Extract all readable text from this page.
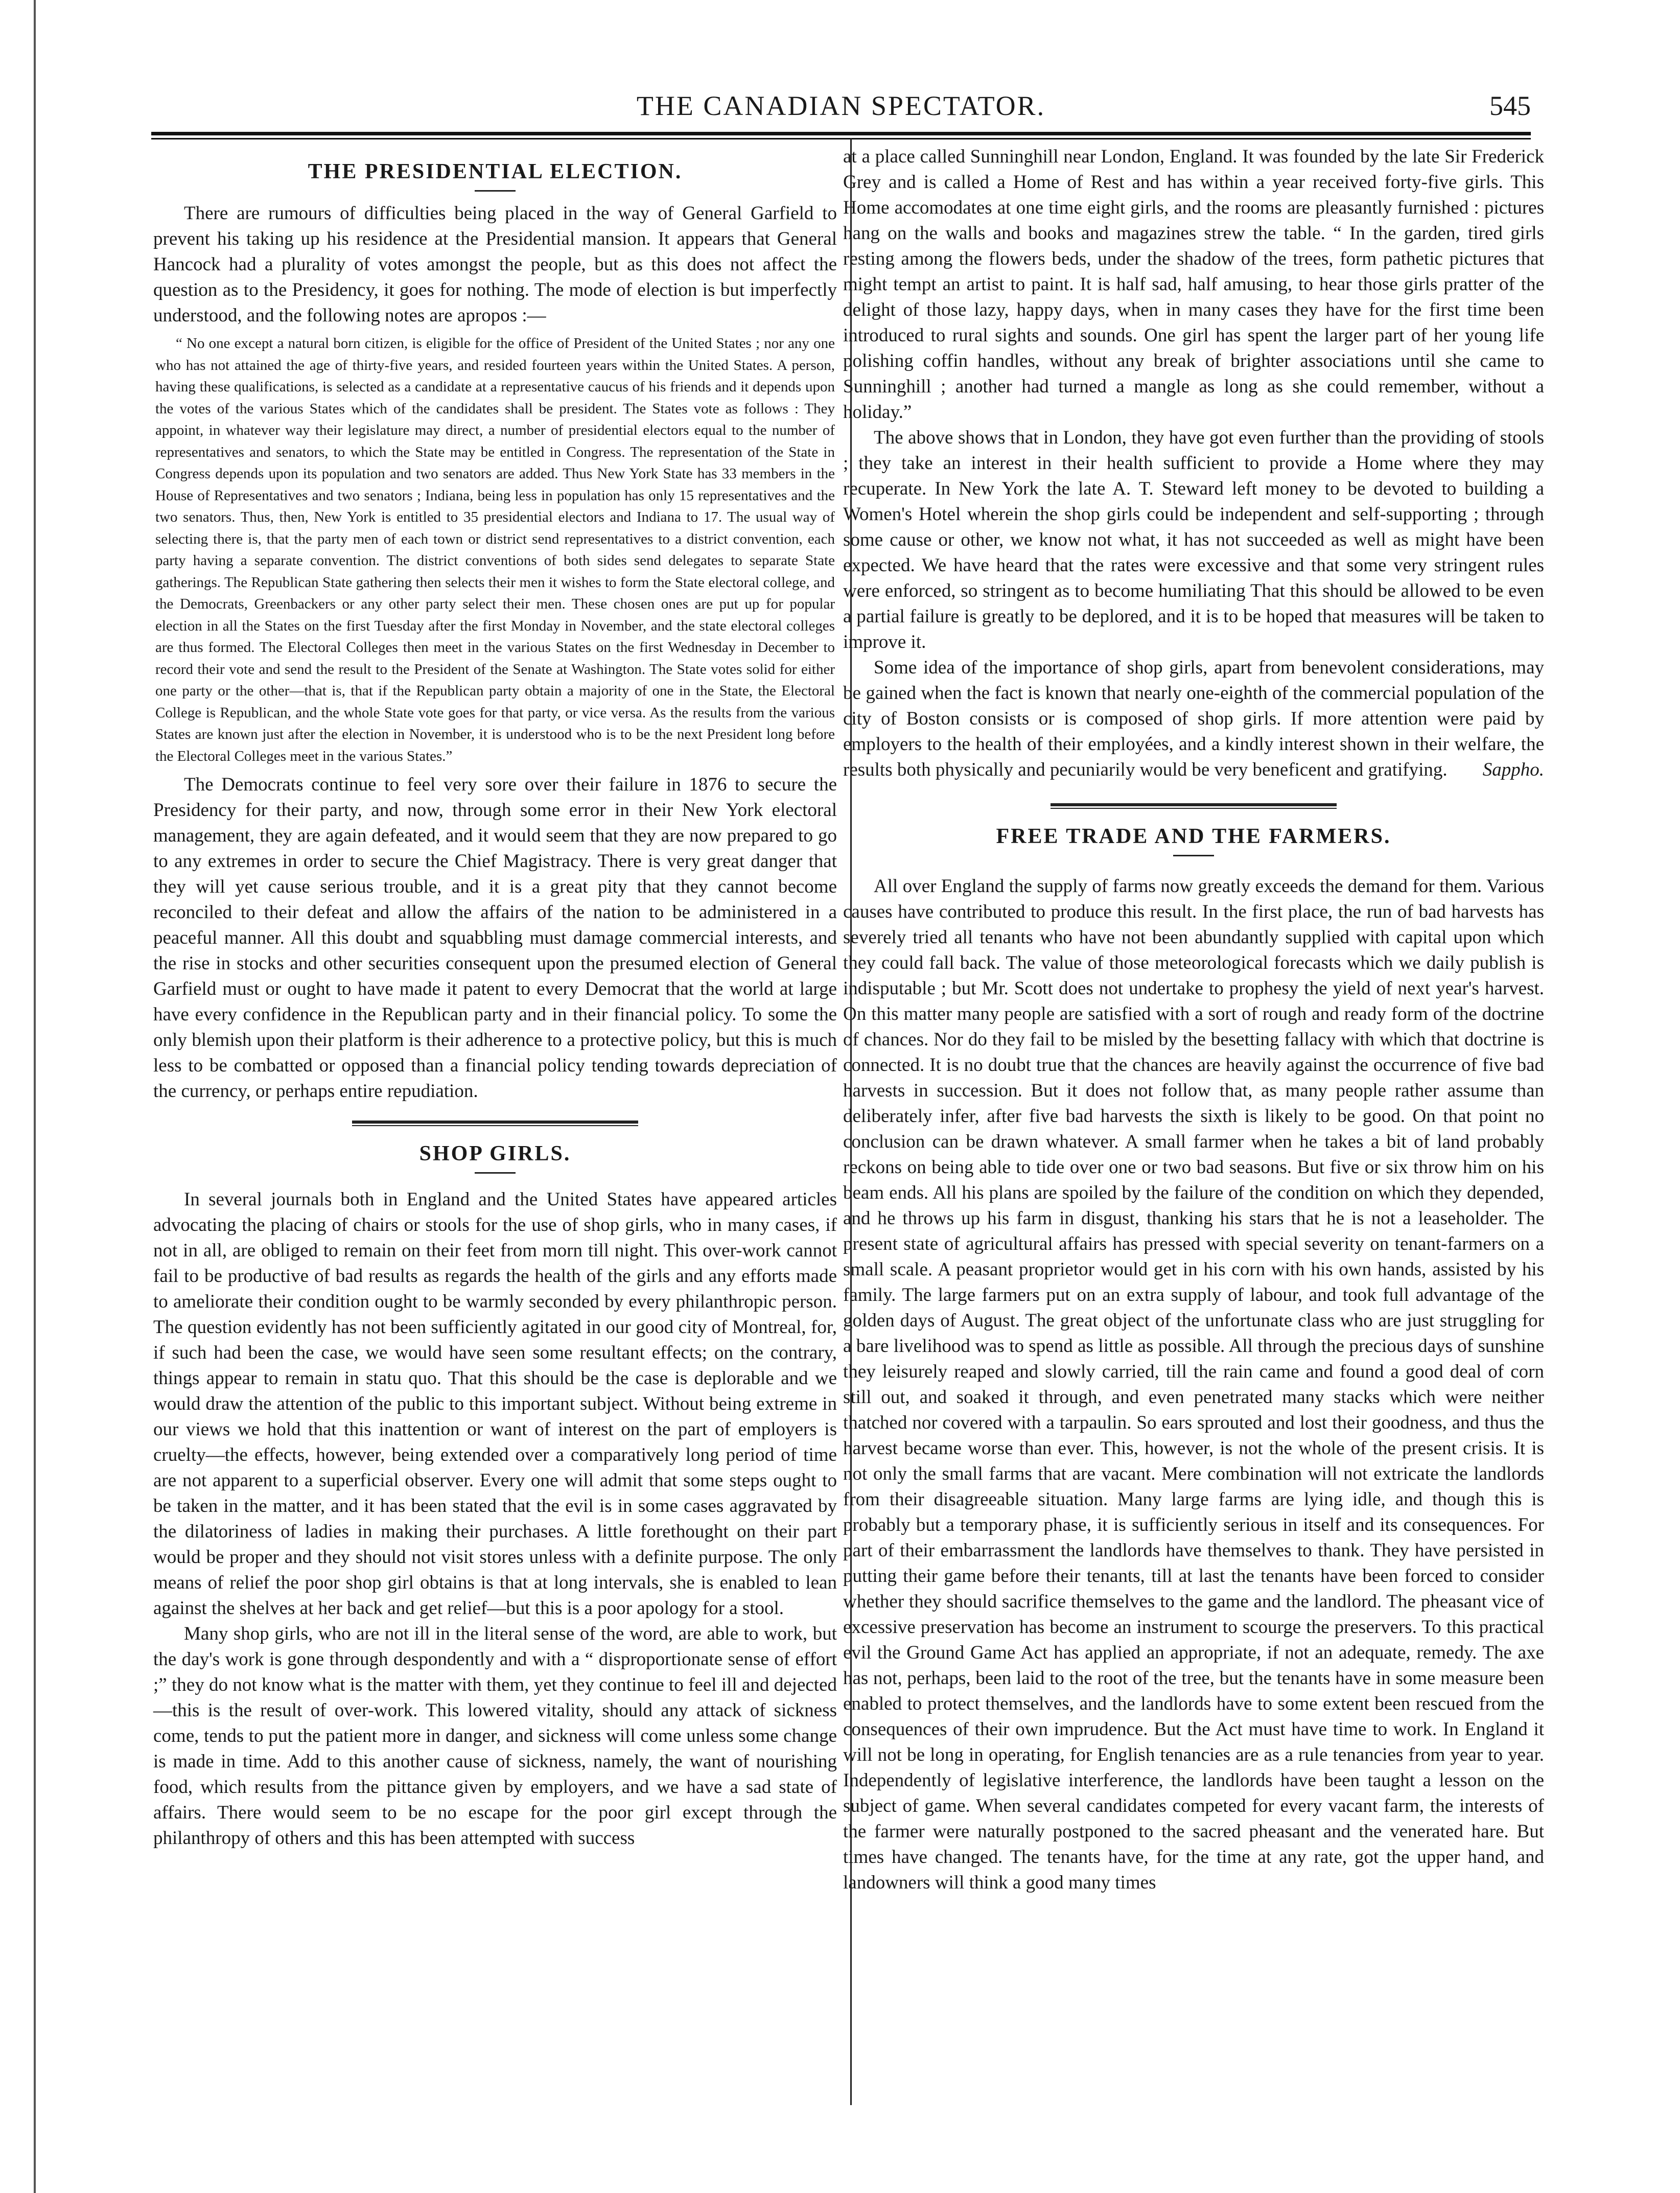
THE CANADIAN SPECTATOR.	545
THE PRESIDENTIAL ELECTION.

There are rumours of difficulties being placed in the way of General Garfield to prevent his taking up his residence at the Presidential mansion. It appears that General Hancock had a plurality of votes amongst the people, but as this does not affect the question as to the Presidency, it goes for nothing. The mode of election is but imperfectly understood, and the following notes are apropos :—

“ No one except a natural born citizen, is eligible for the office of President of the United States ; nor any one who has not attained the age of thirty-five years, and resided fourteen years within the United States. A person, having these qualifications, is selected as a candidate at a representative caucus of his friends and it depends upon the votes of the various States which of the candidates shall be president. The States vote as follows : They appoint, in whatever way their legislature may direct, a number of presidential electors equal to the number of representatives and senators, to which the State may be entitled in Congress. The representation of the State in Congress depends upon its population and two senators are added. Thus New York State has 33 members in the House of Representatives and two senators ; Indiana, being less in population has only 15 representatives and the two senators. Thus, then, New York is entitled to 35 presidential electors and Indiana to 17. The usual way of selecting there is, that the party men of each town or district send representatives to a district convention, each party having a separate convention. The district conventions of both sides send delegates to separate State gatherings. The Republican State gathering then selects their men it wishes to form the State electoral college, and the Democrats, Greenbackers or any other party select their men. These chosen ones are put up for popular election in all the States on the first Tuesday after the first Monday in November, and the state electoral colleges are thus formed. The Electoral Colleges then meet in the various States on the first Wednesday in December to record their vote and send the result to the President of the Senate at Washington. The State votes solid for either one party or the other—that is, that if the Republican party obtain a majority of one in the State, the Electoral College is Republican, and the whole State vote goes for that party, or vice versa. As the results from the various States are known just after the election in November, it is understood who is to be the next President long before the Electoral Colleges meet in the various States.”

The Democrats continue to feel very sore over their failure in 1876 to secure the Presidency for their party, and now, through some error in their New York electoral management, they are again defeated, and it would seem that they are now prepared to go to any extremes in order to secure the Chief Magistracy. There is very great danger that they will yet cause serious trouble, and it is a great pity that they cannot become reconciled to their defeat and allow the affairs of the nation to be administered in a peaceful manner. All this doubt and squabbling must damage commercial interests, and the rise in stocks and other securities consequent upon the presumed election of General Garfield must or ought to have made it patent to every Democrat that the world at large have every confidence in the Republican party and in their financial policy. To some the only blemish upon their platform is their adherence to a protective policy, but this is much less to be combatted or opposed than a financial policy tending towards depreciation of the currency, or perhaps entire repudiation.

SHOP GIRLS.

In several journals both in England and the United States have appeared articles advocating the placing of chairs or stools for the use of shop girls, who in many cases, if not in all, are obliged to remain on their feet from morn till night. This over-work cannot fail to be productive of bad results as regards the health of the girls and any efforts made to ameliorate their condition ought to be warmly seconded by every philanthropic person. The question evidently has not been sufficiently agitated in our good city of Montreal, for, if such had been the case, we would have seen some resultant effects; on the contrary, things appear to remain in statu quo. That this should be the case is deplorable and we would draw the attention of the public to this important subject. Without being extreme in our views we hold that this inattention or want of interest on the part of employers is cruelty—the effects, however, being extended over a comparatively long period of time are not apparent to a superficial observer. Every one will admit that some steps ought to be taken in the matter, and it has been stated that the evil is in some cases aggravated by the dilatoriness of ladies in making their purchases. A little forethought on their part would be proper and they should not visit stores unless with a definite purpose. The only means of relief the poor shop girl obtains is that at long intervals, she is enabled to lean against the shelves at her back and get relief—but this is a poor apology for a stool.

Many shop girls, who are not ill in the literal sense of the word, are able to work, but the day's work is gone through despondently and with a “ disproportionate sense of effort ;” they do not know what is the matter with them, yet they continue to feel ill and dejected—this is the result of over-work. This lowered vitality, should any attack of sickness come, tends to put the patient more in danger, and sickness will come unless some change is made in time. Add to this another cause of sickness, namely, the want of nourishing food, which results from the pittance given by employers, and we have a sad state of affairs. There would seem to be no escape for the poor girl except through the philanthropy of others and this has been attempted with success

at a place called Sunninghill near London, England. It was founded by the late Sir Frederick Grey and is called a Home of Rest and has within a year received forty-five girls. This Home accomodates at one time eight girls, and the rooms are pleasantly furnished : pictures hang on the walls and books and magazines strew the table. “ In the garden, tired girls resting among the flowers beds, under the shadow of the trees, form pathetic pictures that might tempt an artist to paint. It is half sad, half amusing, to hear those girls pratter of the delight of those lazy, happy days, when in many cases they have for the first time been introduced to rural sights and sounds. One girl has spent the larger part of her young life polishing coffin handles, without any break of brighter associations until she came to Sunninghill ; another had turned a mangle as long as she could remember, without a holiday.”

The above shows that in London, they have got even further than the providing of stools ; they take an interest in their health sufficient to provide a Home where they may recuperate. In New York the late A. T. Steward left money to be devoted to building a Women's Hotel wherein the shop girls could be independent and self-supporting ; through some cause or other, we know not what, it has not succeeded as well as might have been expected. We have heard that the rates were excessive and that some very stringent rules were enforced, so stringent as to become humiliating That this should be allowed to be even a partial failure is greatly to be deplored, and it is to be hoped that measures will be taken to improve it.

Some idea of the importance of shop girls, apart from benevolent considerations, may be gained when the fact is known that nearly one-eighth of the commercial population of the city of Boston consists or is composed of shop girls. If more attention were paid by employers to the health of their employées, and a kindly interest shown in their welfare, the results both physically and pecuniarily would be very beneficent and gratifying.	Sappho.

FREE TRADE AND THE FARMERS.

All over England the supply of farms now greatly exceeds the demand for them. Various causes have contributed to produce this result. In the first place, the run of bad harvests has severely tried all tenants who have not been abundantly supplied with capital upon which they could fall back. The value of those meteorological forecasts which we daily publish is indisputable ; but Mr. Scott does not undertake to prophesy the yield of next year's harvest. On this matter many people are satisfied with a sort of rough and ready form of the doctrine of chances. Nor do they fail to be misled by the besetting fallacy with which that doctrine is connected. It is no doubt true that the chances are heavily against the occurrence of five bad harvests in succession. But it does not follow that, as many people rather assume than deliberately infer, after five bad harvests the sixth is likely to be good. On that point no conclusion can be drawn whatever. A small farmer when he takes a bit of land probably reckons on being able to tide over one or two bad seasons. But five or six throw him on his beam ends. All his plans are spoiled by the failure of the condition on which they depended, and he throws up his farm in disgust, thanking his stars that he is not a leaseholder. The present state of agricultural affairs has pressed with special severity on tenant-farmers on a small scale. A peasant proprietor would get in his corn with his own hands, assisted by his family. The large farmers put on an extra supply of labour, and took full advantage of the golden days of August. The great object of the unfortunate class who are just struggling for a bare livelihood was to spend as little as possible. All through the precious days of sunshine they leisurely reaped and slowly carried, till the rain came and found a good deal of corn still out, and soaked it through, and even penetrated many stacks which were neither thatched nor covered with a tarpaulin. So ears sprouted and lost their goodness, and thus the harvest became worse than ever. This, however, is not the whole of the present crisis. It is not only the small farms that are vacant. Mere combination will not extricate the landlords from their disagreeable situation. Many large farms are lying idle, and though this is probably but a temporary phase, it is sufficiently serious in itself and its consequences. For part of their embarrassment the landlords have themselves to thank. They have persisted in putting their game before their tenants, till at last the tenants have been forced to consider whether they should sacrifice themselves to the game and the landlord. The pheasant vice of excessive preservation has become an instrument to scourge the preservers. To this practical evil the Ground Game Act has applied an appropriate, if not an adequate, remedy. The axe has not, perhaps, been laid to the root of the tree, but the tenants have in some measure been enabled to protect themselves, and the landlords have to some extent been rescued from the consequences of their own imprudence. But the Act must have time to work. In England it will not be long in operating, for English tenancies are as a rule tenancies from year to year. Independently of legislative interference, the landlords have been taught a lesson on the subject of game. When several candidates competed for every vacant farm, the interests of the farmer were naturally postponed to the sacred pheasant and the venerated hare. But times have changed. The tenants have, for the time at any rate, got the upper hand, and landowners will think a good many times
